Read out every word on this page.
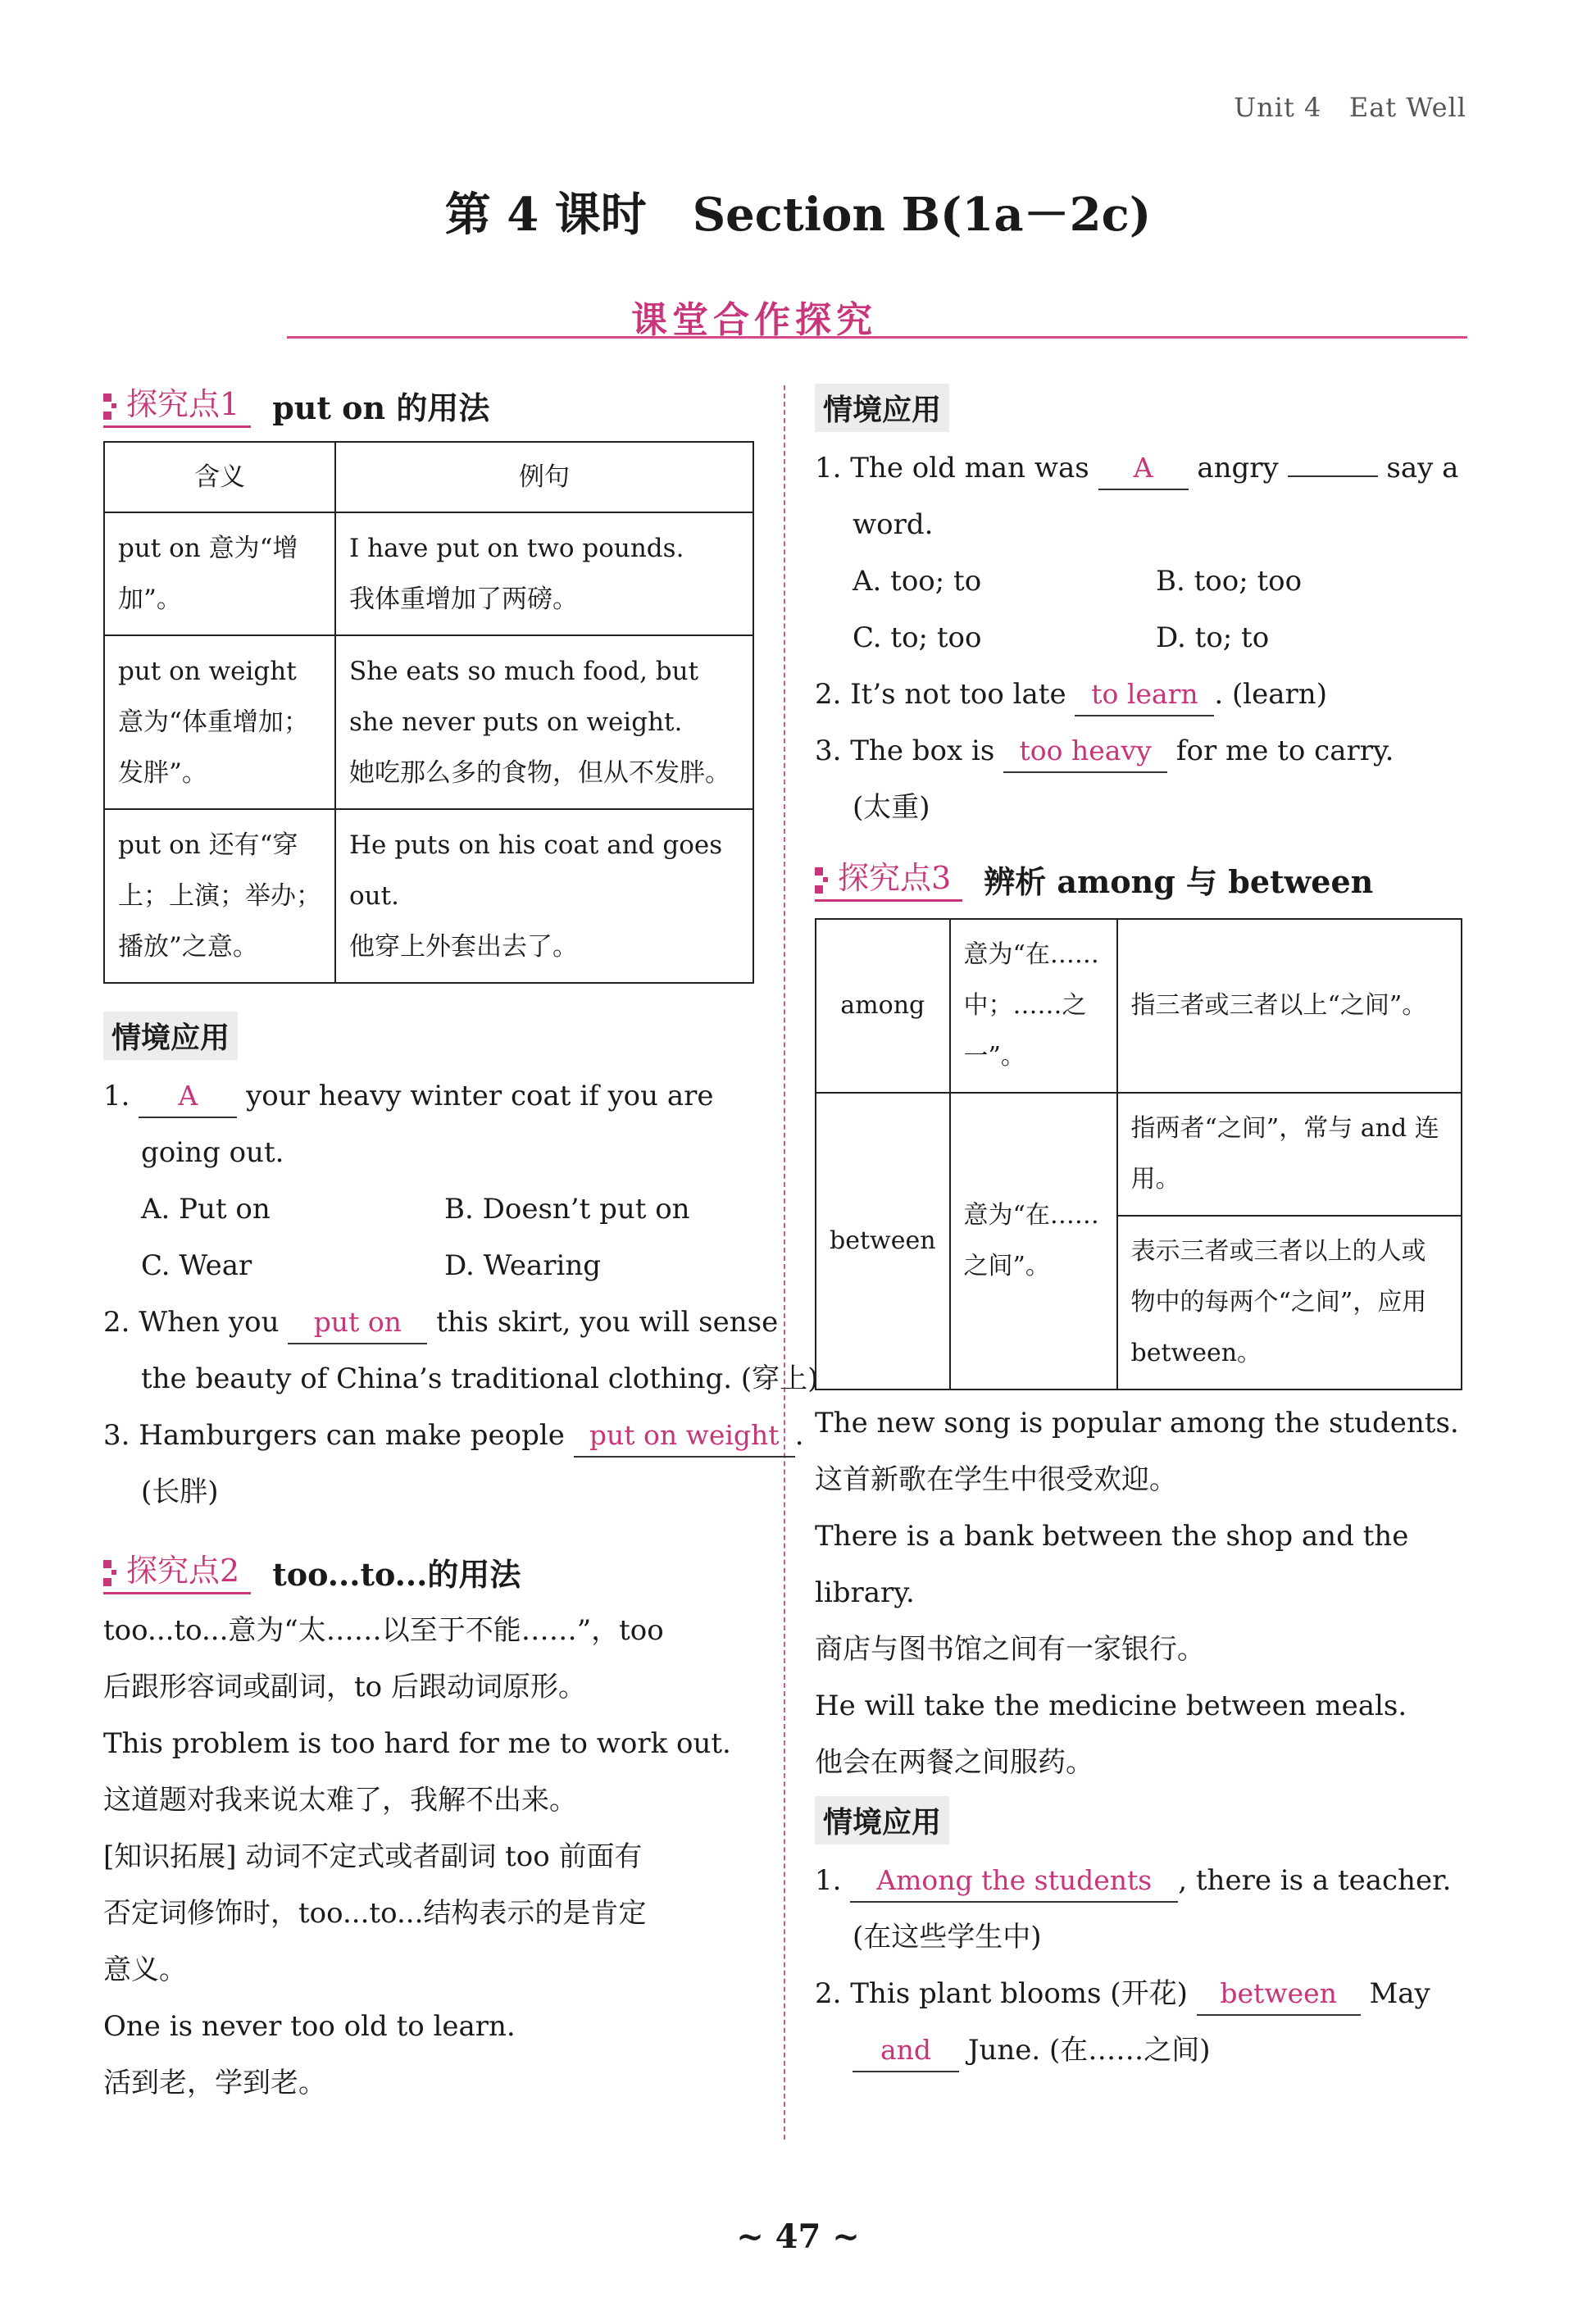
Unit 4 Eat Well
第 4 课时　Section B(1a－2c)
课堂合作探究
探究点1 put on 的用法
含义	例句
put on 意为“增加”。	I have put on two pounds.
我体重增加了两磅。

put on weight 意为“体重增加；发胖”。	She eats so much food, but she never puts on weight.
她吃那么多的食物，但从不发胖。

put on 还有“穿上；上演；举办；播放”之意。	He puts on his coat and goes out.
他穿上外套出去了。
情境应用
1. A your heavy winter coat if you are
going out.
A. Put on	B. Doesn’t put on
C. Wear	D. Wearing
2. When you put on this skirt, you will sense
the beauty of China’s traditional clothing. (穿上)
3. Hamburgers can make people put on weight .
(长胖)
探究点2 too...to...的用法
too...to...意为“太……以至于不能……”，too
后跟形容词或副词，to 后跟动词原形。
This problem is too hard for me to work out.
这道题对我来说太难了，我解不出来。
[知识拓展] 动词不定式或者副词 too 前面有
否定词修饰时，too...to...结构表示的是肯定
意义。
One is never too old to learn.
活到老，学到老。
情境应用
1. The old man was A angry	say a
word.
A. too; to	B. too; too
C. to; too	D. to; to
2. It’s not too late to learn . (learn)
3. The box is too heavy for me to carry.
(太重)
探究点3 辨析 among 与 between
among	意为“在……中；……之一”。	指三者或三者以上“之间”。
between	意为“在……之间”。	指两者“之间”，常与 and 连用。
		表示三者或三者以上的人或物中的每两个“之间”，应用 between。
The new song is popular among the students.
这首新歌在学生中很受欢迎。
There is a bank between the shop and the
library.
商店与图书馆之间有一家银行。
He will take the medicine between meals.
他会在两餐之间服药。
情境应用
1. Among the students , there is a teacher.
(在这些学生中)
2. This plant blooms (开花) between May
and June. (在……之间)
~ 47 ~
